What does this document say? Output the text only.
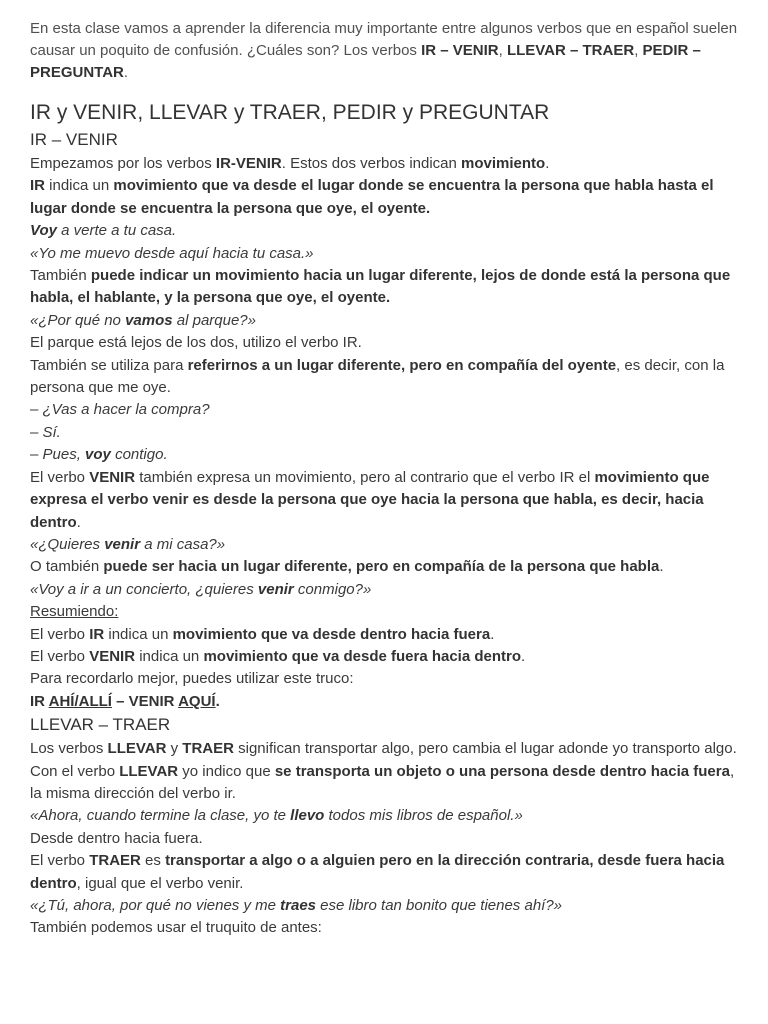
En esta clase vamos a aprender la diferencia muy importante entre algunos verbos que en español suelen causar un poquito de confusión. ¿Cuáles son? Los verbos IR – VENIR, LLEVAR – TRAER, PEDIR – PREGUNTAR.

IR y VENIR, LLEVAR y TRAER, PEDIR y PREGUNTAR
IR – VENIR

Empezamos por los verbos IR-VENIR. Estos dos verbos indican movimiento.

IR indica un movimiento que va desde el lugar donde se encuentra la persona que habla hasta el lugar donde se encuentra la persona que oye, el oyente.

Voy a verte a tu casa.

«Yo me muevo desde aquí hacia tu casa.»

También puede indicar un movimiento hacia un lugar diferente, lejos de donde está la persona que habla, el hablante, y la persona que oye, el oyente.

«¿Por qué no vamos al parque?»

El parque está lejos de los dos, utilizo el verbo IR.

También se utiliza para referirnos a un lugar diferente, pero en compañía del oyente, es decir, con la persona que me oye.

– ¿Vas a hacer la compra?

– Sí.

– Pues, voy contigo.

El verbo VENIR también expresa un movimiento, pero al contrario que el verbo IR el movimiento que expresa el verbo venir es desde la persona que oye hacia la persona que habla, es decir, hacia dentro.

«¿Quieres venir a mi casa?»

O también puede ser hacia un lugar diferente, pero en compañía de la persona que habla.

«Voy a ir a un concierto, ¿quieres venir conmigo?»

Resumiendo:

El verbo IR indica un movimiento que va desde dentro hacia fuera.

El verbo VENIR indica un movimiento que va desde fuera hacia dentro.

Para recordarlo mejor, puedes utilizar este truco:

IR AHÍ/ALLÍ – VENIR AQUÍ.

LLEVAR – TRAER

Los verbos LLEVAR y TRAER significan transportar algo, pero cambia el lugar adonde yo transporto algo.

Con el verbo LLEVAR yo indico que se transporta un objeto o una persona desde dentro hacia fuera, la misma dirección del verbo ir.

«Ahora, cuando termine la clase, yo te llevo todos mis libros de español.»

Desde dentro hacia fuera.

El verbo TRAER es transportar a algo o a alguien pero en la dirección contraria, desde fuera hacia dentro, igual que el verbo venir.

«¿Tú, ahora, por qué no vienes y me traes ese libro tan bonito que tienes ahí?»

También podemos usar el truquito de antes:
